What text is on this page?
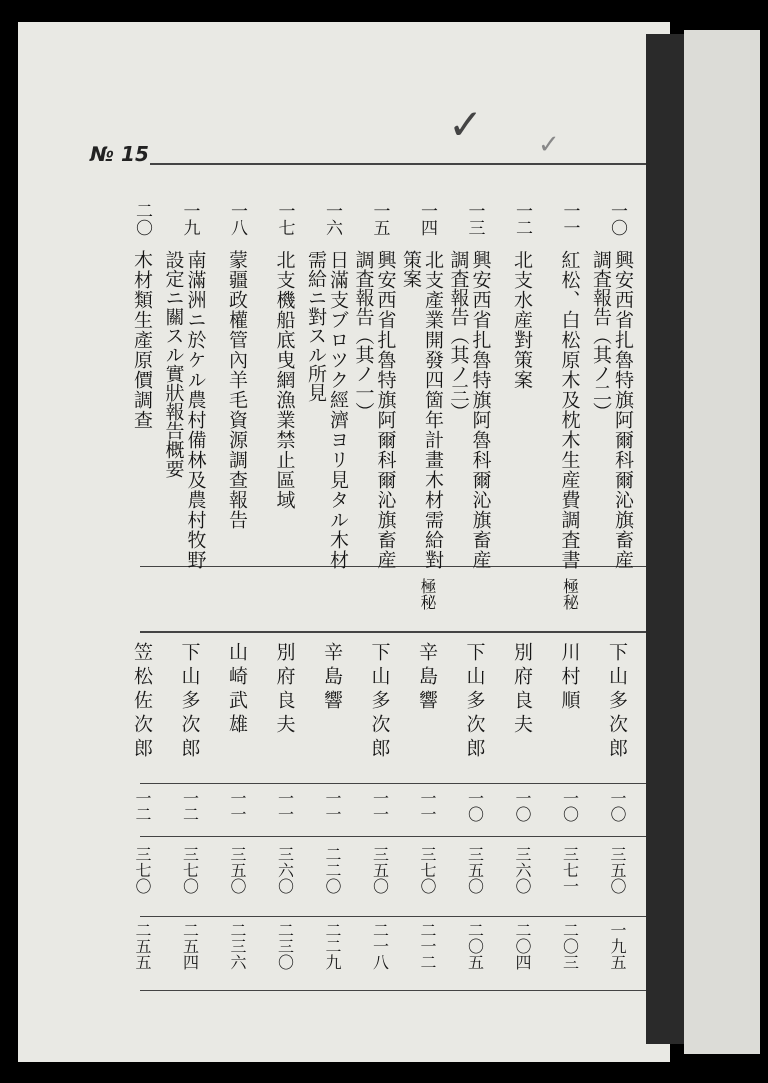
№ 15
✓ ✓
一〇
下山多次郎
一〇
三五〇
一九五
調査報告（其ノ二） 興安西省扎魯特旗阿爾科爾沁旗畜産
一一
極秘
川村順
一〇
三七一
二〇三
紅松、白松原木及枕木生産費調査書
一二
別府良夫
一〇
三六〇
二〇四
北支水産對策案
一三
下山多次郎
一〇
三五〇
二〇五
調査報告（其ノ三） 興安西省扎魯特旗阿魯科爾沁旗畜産
一四
極秘
辛島響
一一
三七〇
二一二
策案 北支產業開發四箇年計畫木材需給對
一五
下山多次郎
一一
三五〇
二一八
調査報告（其ノ一） 興安西省扎魯特旗阿爾科爾沁旗畜産
一六
辛島響
一一
二二〇
二二九
需給ニ對スル所見 日滿支ブロツク經濟ヨリ見タル木材
一七
別府良夫
一一
三六〇
二三〇
北支機船底曳網漁業禁止區域
一八
山崎武雄
一一
三五〇
二三六
蒙疆政權管內羊毛資源調查報告
一九
下山多次郎
一二
三七〇
二五四
設定ニ關スル實狀報告概要 南滿洲ニ於ケル農村備林及農村牧野
二〇
笠松佐次郎
一二
三七〇
二五五
木材類生產原價調查
